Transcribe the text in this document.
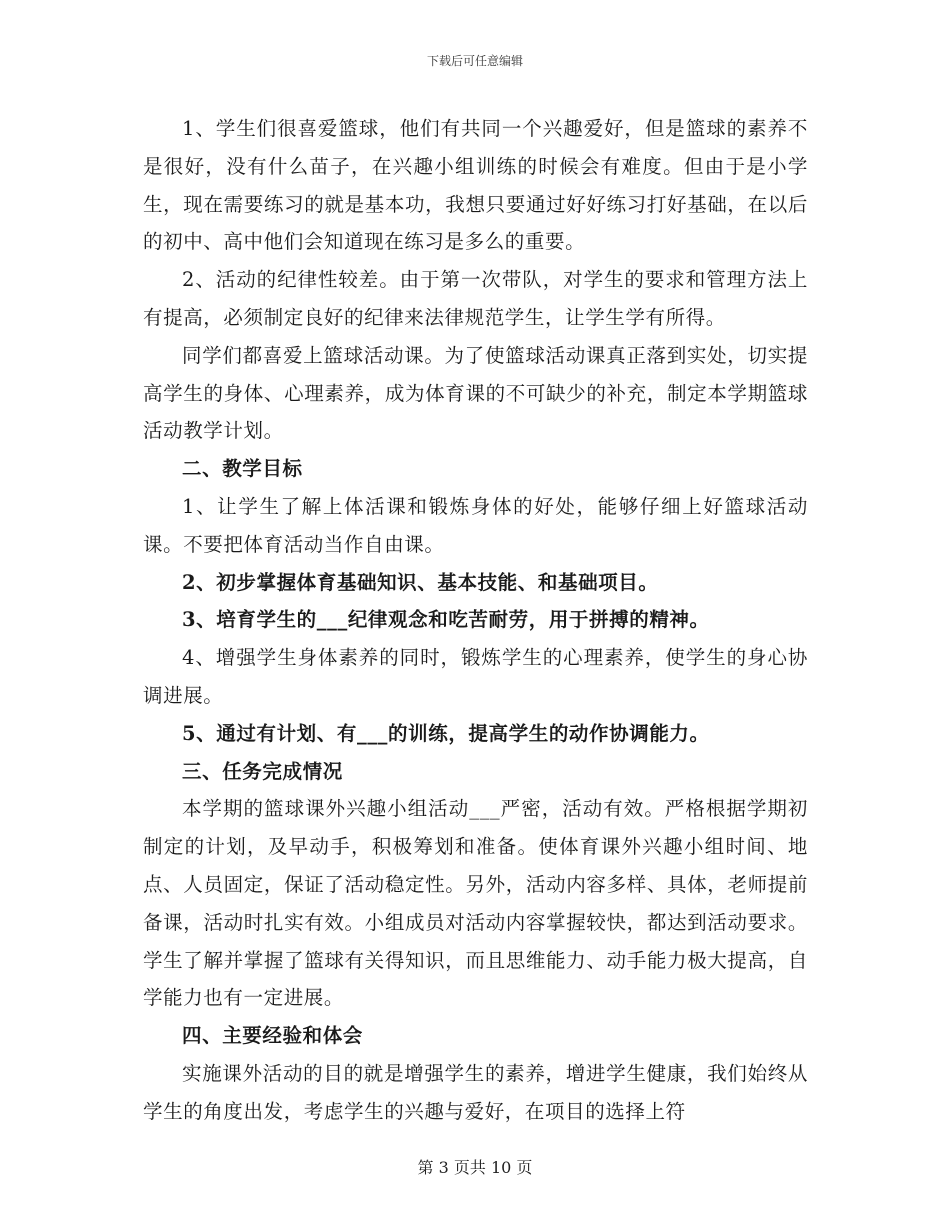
下载后可任意编辑

1、学生们很喜爱篮球，他们有共同一个兴趣爱好，但是篮球的素养不是很好，没有什么苗子，在兴趣小组训练的时候会有难度。但由于是小学生，现在需要练习的就是基本功，我想只要通过好好练习打好基础，在以后的初中、高中他们会知道现在练习是多么的重要。

2、活动的纪律性较差。由于第一次带队，对学生的要求和管理方法上有提高，必须制定良好的纪律来法律规范学生，让学生学有所得。

同学们都喜爱上篮球活动课。为了使篮球活动课真正落到实处，切实提高学生的身体、心理素养，成为体育课的不可缺少的补充，制定本学期篮球活动教学计划。

二、教学目标

1、让学生了解上体活课和锻炼身体的好处，能够仔细上好篮球活动课。不要把体育活动当作自由课。

2、初步掌握体育基础知识、基本技能、和基础项目。

3、培育学生的___纪律观念和吃苦耐劳，用于拼搏的精神。

4、增强学生身体素养的同时，锻炼学生的心理素养，使学生的身心协调进展。

5、通过有计划、有___的训练，提高学生的动作协调能力。

三、任务完成情况

本学期的篮球课外兴趣小组活动___严密，活动有效。严格根据学期初制定的计划，及早动手，积极筹划和准备。使体育课外兴趣小组时间、地点、人员固定，保证了活动稳定性。另外，活动内容多样、具体，老师提前备课，活动时扎实有效。小组成员对活动内容掌握较快，都达到活动要求。学生了解并掌握了篮球有关得知识，而且思维能力、动手能力极大提高，自学能力也有一定进展。

四、主要经验和体会

实施课外活动的目的就是增强学生的素养，增进学生健康，我们始终从学生的角度出发，考虑学生的兴趣与爱好，在项目的选择上符

第 3 页共 10 页
